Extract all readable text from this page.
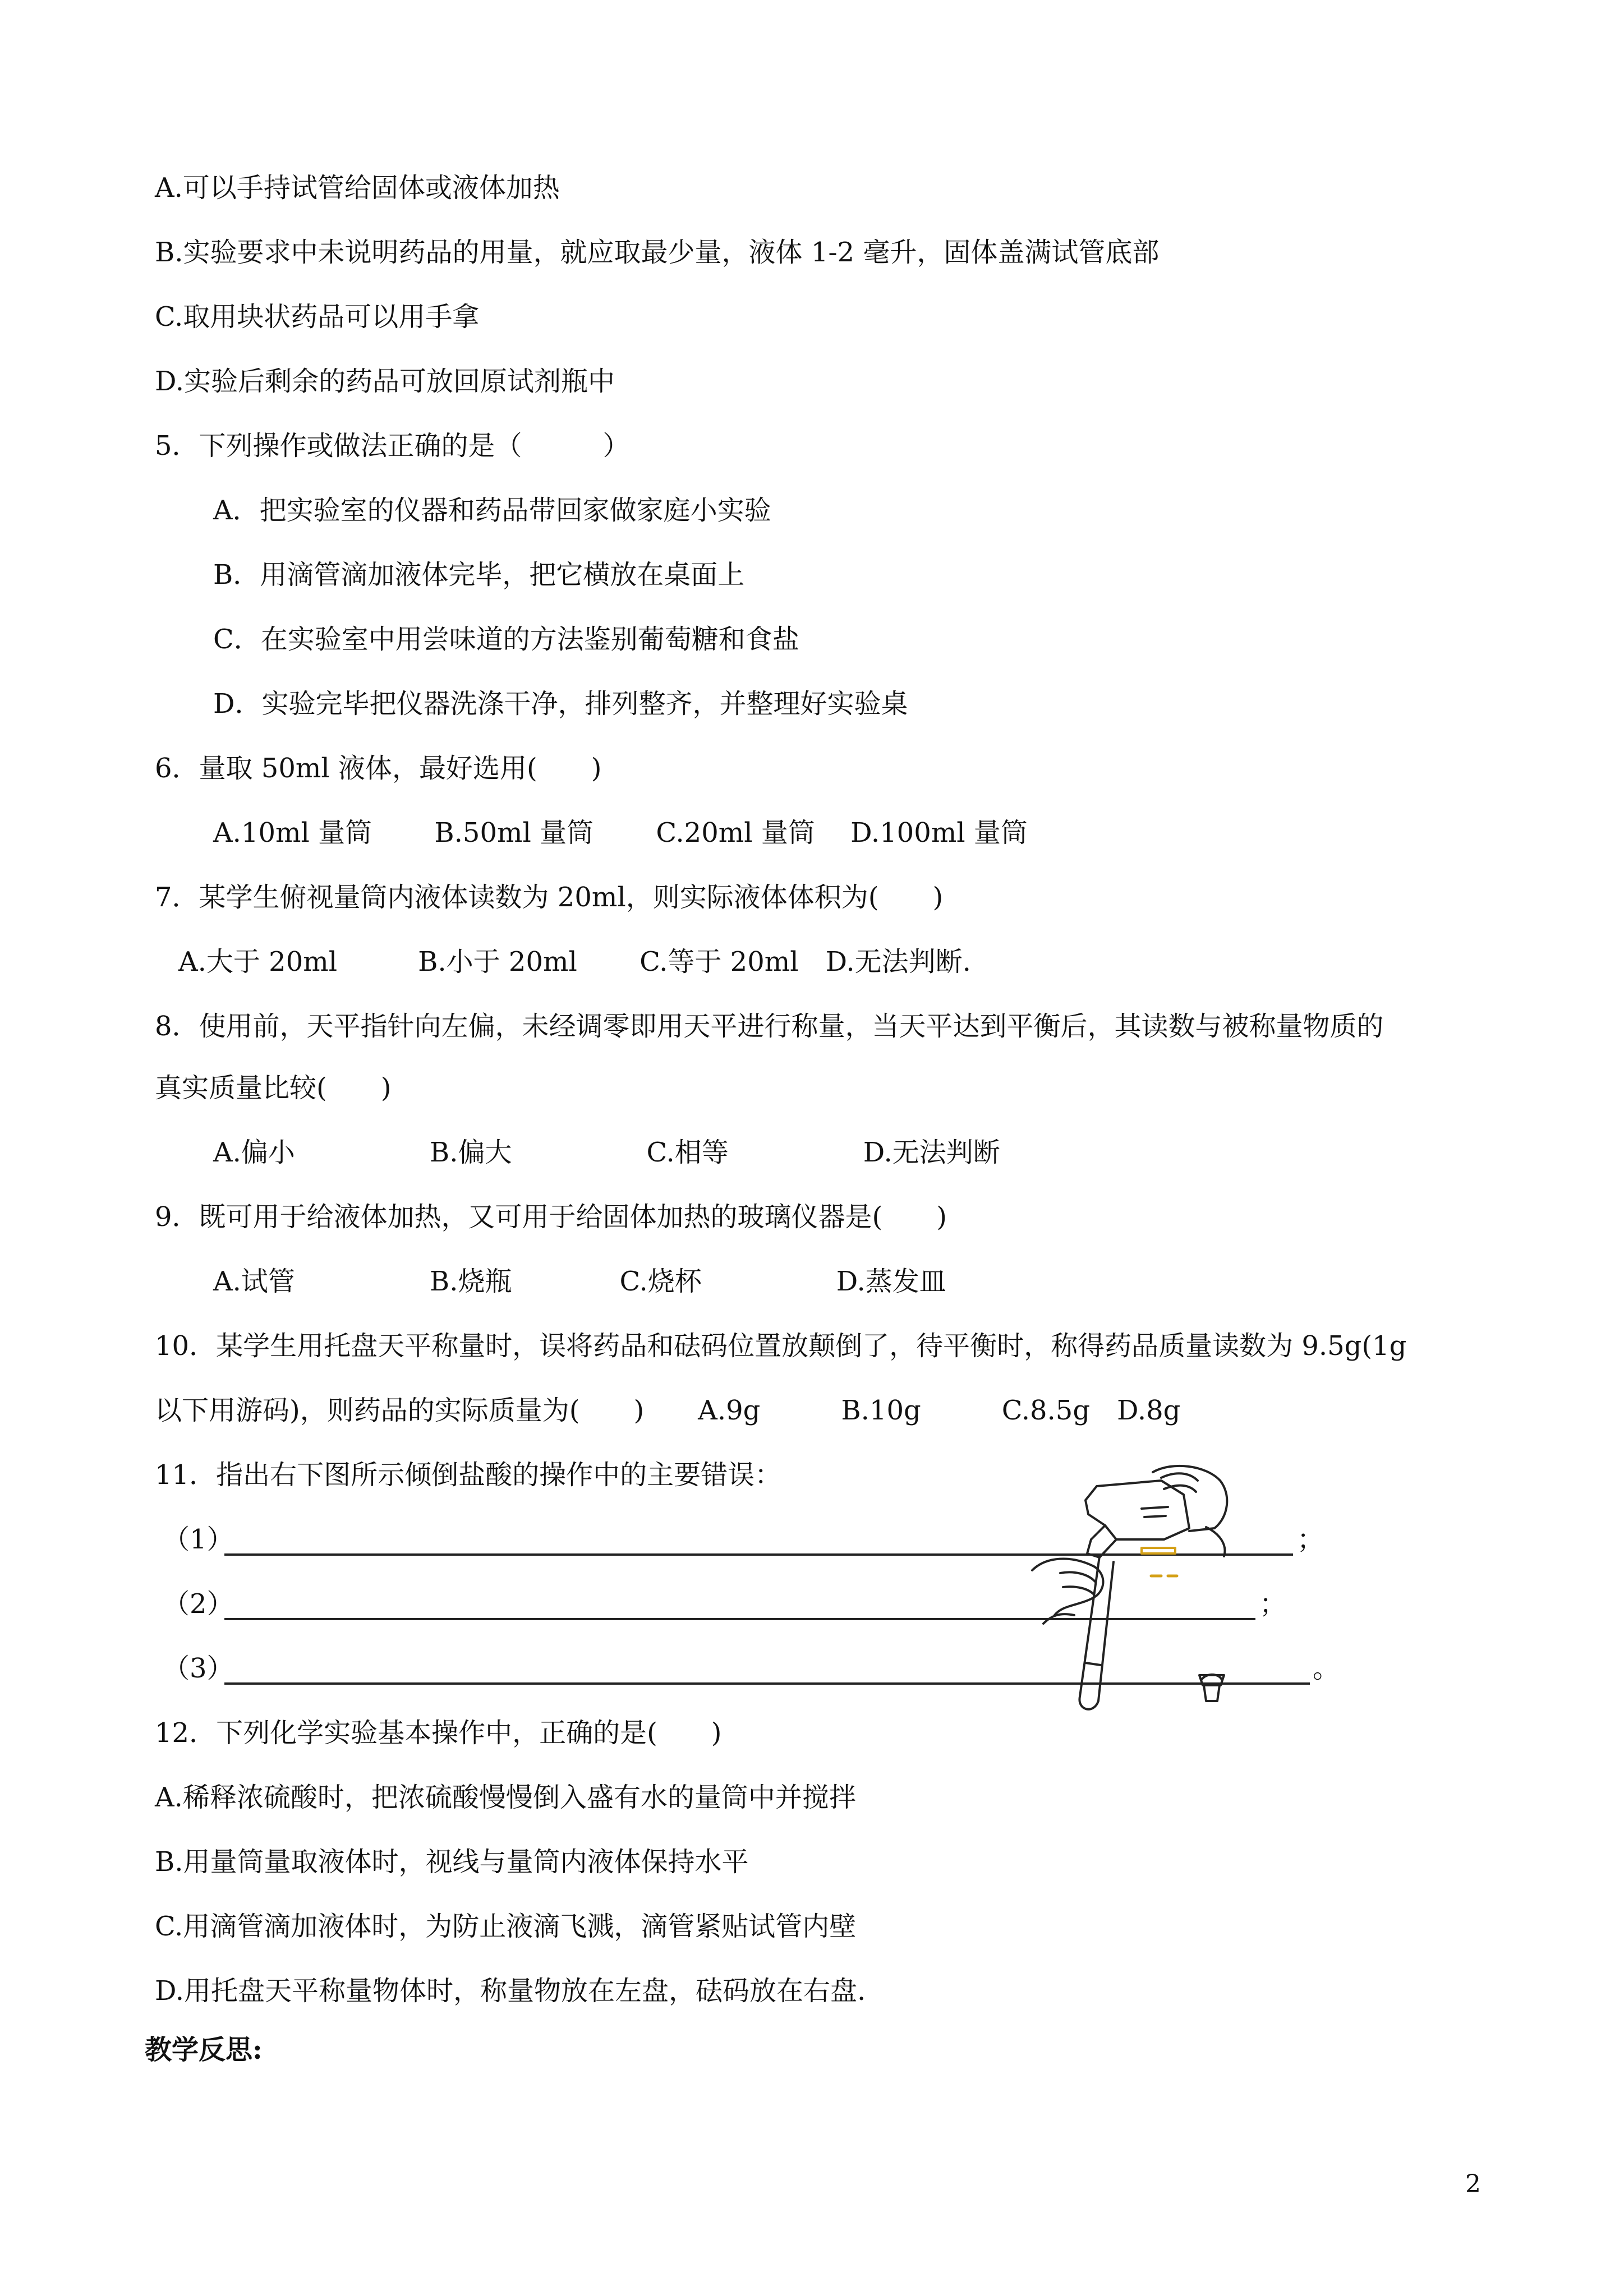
A.可以手持试管给固体或液体加热
B.实验要求中未说明药品的用量，就应取最少量，液体 1-2 毫升，固体盖满试管底部
C.取用块状药品可以用手拿
D.实验后剩余的药品可放回原试剂瓶中
5．下列操作或做法正确的是（　　　）
A．把实验室的仪器和药品带回家做家庭小实验
B．用滴管滴加液体完毕，把它横放在桌面上
C．在实验室中用尝味道的方法鉴别葡萄糖和食盐
D．实验完毕把仪器洗涤干净，排列整齐，并整理好实验桌
6．量取 50ml 液体，最好选用(　　)
A.10ml 量筒　　 B.50ml 量筒　　 C.20ml 量筒　 D.100ml 量筒
7．某学生俯视量筒内液体读数为 20ml，则实际液体体积为(　　)
A.大于 20ml　　　B.小于 20ml　　 C.等于 20ml　D.无法判断.
8．使用前，天平指针向左偏，未经调零即用天平进行称量，当天平达到平衡后，其读数与被称量物质的
真实质量比较(　　)
A.偏小　　　　　B.偏大　　　　　C.相等　　　　　D.无法判断
9．既可用于给液体加热，又可用于给固体加热的玻璃仪器是(　　)
A.试管　　　　　B.烧瓶　　　　C.烧杯　　　　　D.蒸发皿
10．某学生用托盘天平称量时，误将药品和砝码位置放颠倒了，待平衡时，称得药品质量读数为 9.5g(1g
以下用游码)，则药品的实际质量为(　　)　　A.9g　　　B.10g　　　C.8.5g　D.8g
11．指出右下图所示倾倒盐酸的操作中的主要错误：
（1）	；
（2）	；
（3）	。
12．下列化学实验基本操作中，正确的是(　　)
A.稀释浓硫酸时，把浓硫酸慢慢倒入盛有水的量筒中并搅拌
B.用量筒量取液体时，视线与量筒内液体保持水平
C.用滴管滴加液体时，为防止液滴飞溅，滴管紧贴试管内壁
D.用托盘天平称量物体时，称量物放在左盘，砝码放在右盘.
教学反思:
2
